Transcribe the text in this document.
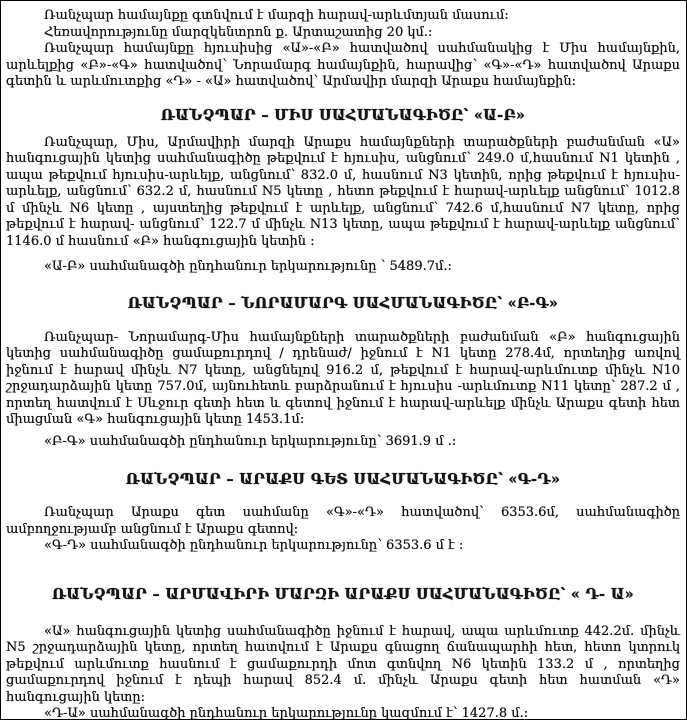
Ռանչպար համայնքը գտնվում է մարզի հարավ-արևմտյան մասում:

Հեռավորությունը մարզկենտրոն ք. Արտաշատից 20 կմ.:

Ռանչպար համայնքը հյուսիսից «Ա»-«Բ» հատվածով սահմանակից է Միս համայնքին, արևելքից «Բ»-«Գ» հատվածով՝ Նորամարգ համայնքին, հարավից՝ «Գ»-«Դ» հատվածով Արաքս գետին և արևմուտքից «Դ» - «Ա» հատվածով՝ Արմավիր մարզի Արաքս համայնքին:

ՌԱՆՉՊԱՐ – ՄԻՍ ՍԱՀՄԱՆԱԳԻԾԸ՝ «Ա-Բ»

Ռանչպար, Միս, Արմավիրի մարզի Արաքս համայնքների տարածքների բաժանման «Ա» հանգուցային կետից սահմանագիծը թեքվում է հյուսիս, անցնում՝ 249.0 մ,հասնում N1 կետին , ապա թեքվում հյուսիս-արևելք, անցնում՝ 832.0 մ, հասնում N3 կետին, որից թեքվում է հյուսիս-արևելք, անցնում՝ 632.2 մ, հասնում N5 կետը , հետո թեքվում է հարավ-արևելք անցնում՝ 1012.8 մ մինչև N6 կետը , այստեղից թեքվում է արևելք, անցնում՝ 742.6 մ,հասնում N7 կետը, որից թեքվում է հարավ- անցնում՝ 122.7 մ մինչև N13 կետը, ապա թեքվում է հարավ-արևելք անցնում՝ 1146.0 մ հասնում «Բ» հանգուցային կետին :

«Ա-Բ» սահմանագծի ընդհանուր երկարությունը ՝ 5489.7մ.:

ՌԱՆՉՊԱՐ – ՆՈՐԱՄԱՐԳ ՍԱՀՄԱՆԱԳԻԾԸ՝ «Բ-Գ»

Ռանչպար- Նորամարգ-Միս համայնքների տարածքների բաժանման «Բ» հանգուցային կետից սահմանագիծը ցամաքուրդով / դրենաժ/ իջնում է N1 կետը 278.4մ, որտեղից առվով իջնում է հարավ մինչև N7 կետը, անցնելով 916.2 մ, թեքվում է հարավ-արևմուտք մինչև N10 շրջադարձային կետը 757.0մ, այնուհետև բարձրանում է հյուսիս -արևմուտք N11 կետը՝ 287.2 մ , որտեղ հատվում է Սևջուր գետի հետ և գետով իջնում է հարավ-արևելք մինչև Արաքս գետի հետ միացման «Գ» հանգուցային կետը 1453.1մ:

«Բ-Գ» սահմանագծի ընդհանուր երկարությունը՝ 3691.9 մ .:

ՌԱՆՉՊԱՐ – ԱՐԱՔՍ ԳԵՏ ՍԱՀՄԱՆԱԳԻԾԸ՝ «Գ-Դ»

Ռանչպար Արաքս գետ սահմանը «Գ»-«Դ» հատվածով՝ 6353.6մ, սահմանագիծը ամբողջությամբ անցնում է Արաքս գետով:

«Գ-Դ» սահմանագծի ընդհանուր երկարությունը՝ 6353.6 մ է :

ՌԱՆՉՊԱՐ – ԱՐՄԱՎԻՐԻ ՄԱՐԶԻ ԱՐԱՔՍ ՍԱՀՄԱՆԱԳԻԾԸ՝ « Դ- Ա»

«Ա» հանգուցային կետից սահմանագիծը իջնում է հարավ, ապա արևմուտք 442.2մ. մինչև N5 շրջադարձային կետը, որտեղ հատվում է Արաքս գնացող ճանապարհի հետ, հետո կտրուկ թեքվում արևմուտք հասնում է ցամաքուրդի մոտ գտնվող N6 կետին 133.2 մ , որտեղից ցամաքուրդով իջնում է դեպի հարավ 852.4 մ. մինչև Արաքս գետի հետ հատման «Դ» հանգուցային կետը:

«Դ-Ա» սահմանագծի ընդհանուր երկարությունը կազմում է՝ 1427.8 մ.:
